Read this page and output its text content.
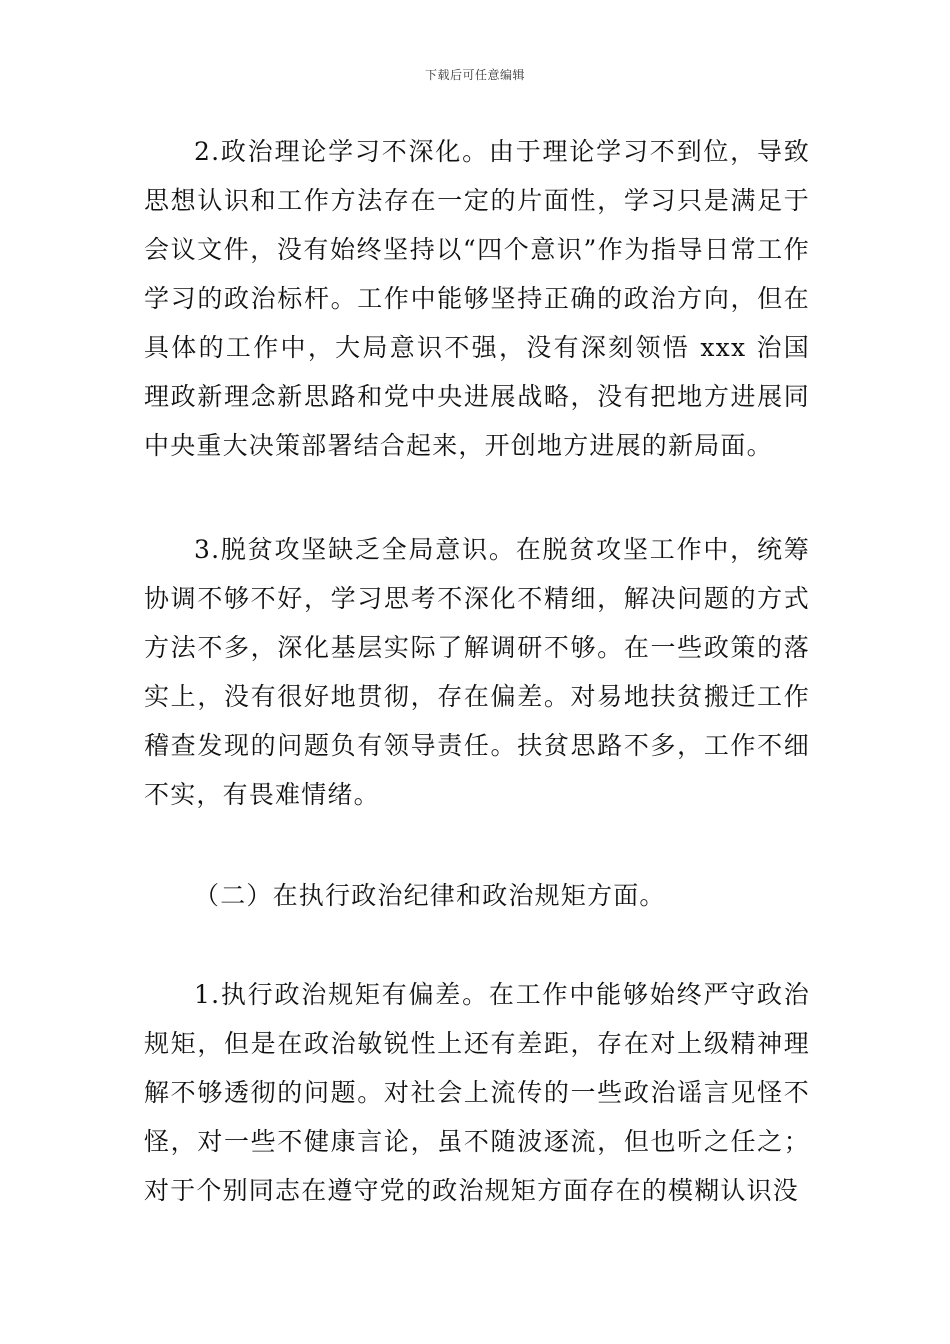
下载后可任意编辑

2.政治理论学习不深化。由于理论学习不到位，导致思想认识和工作方法存在一定的片面性，学习只是满足于会议文件，没有始终坚持以“四个意识”作为指导日常工作学习的政治标杆。工作中能够坚持正确的政治方向，但在具体的工作中，大局意识不强，没有深刻领悟 xxx 治国理政新理念新思路和党中央进展战略，没有把地方进展同中央重大决策部署结合起来，开创地方进展的新局面。

3.脱贫攻坚缺乏全局意识。在脱贫攻坚工作中，统筹协调不够不好，学习思考不深化不精细，解决问题的方式方法不多，深化基层实际了解调研不够。在一些政策的落实上，没有很好地贯彻，存在偏差。对易地扶贫搬迁工作稽查发现的问题负有领导责任。扶贫思路不多，工作不细不实，有畏难情绪。

（二）在执行政治纪律和政治规矩方面。

1.执行政治规矩有偏差。在工作中能够始终严守政治规矩，但是在政治敏锐性上还有差距，存在对上级精神理解不够透彻的问题。对社会上流传的一些政治谣言见怪不怪，对一些不健康言论，虽不随波逐流，但也听之任之；对于个别同志在遵守党的政治规矩方面存在的模糊认识没
